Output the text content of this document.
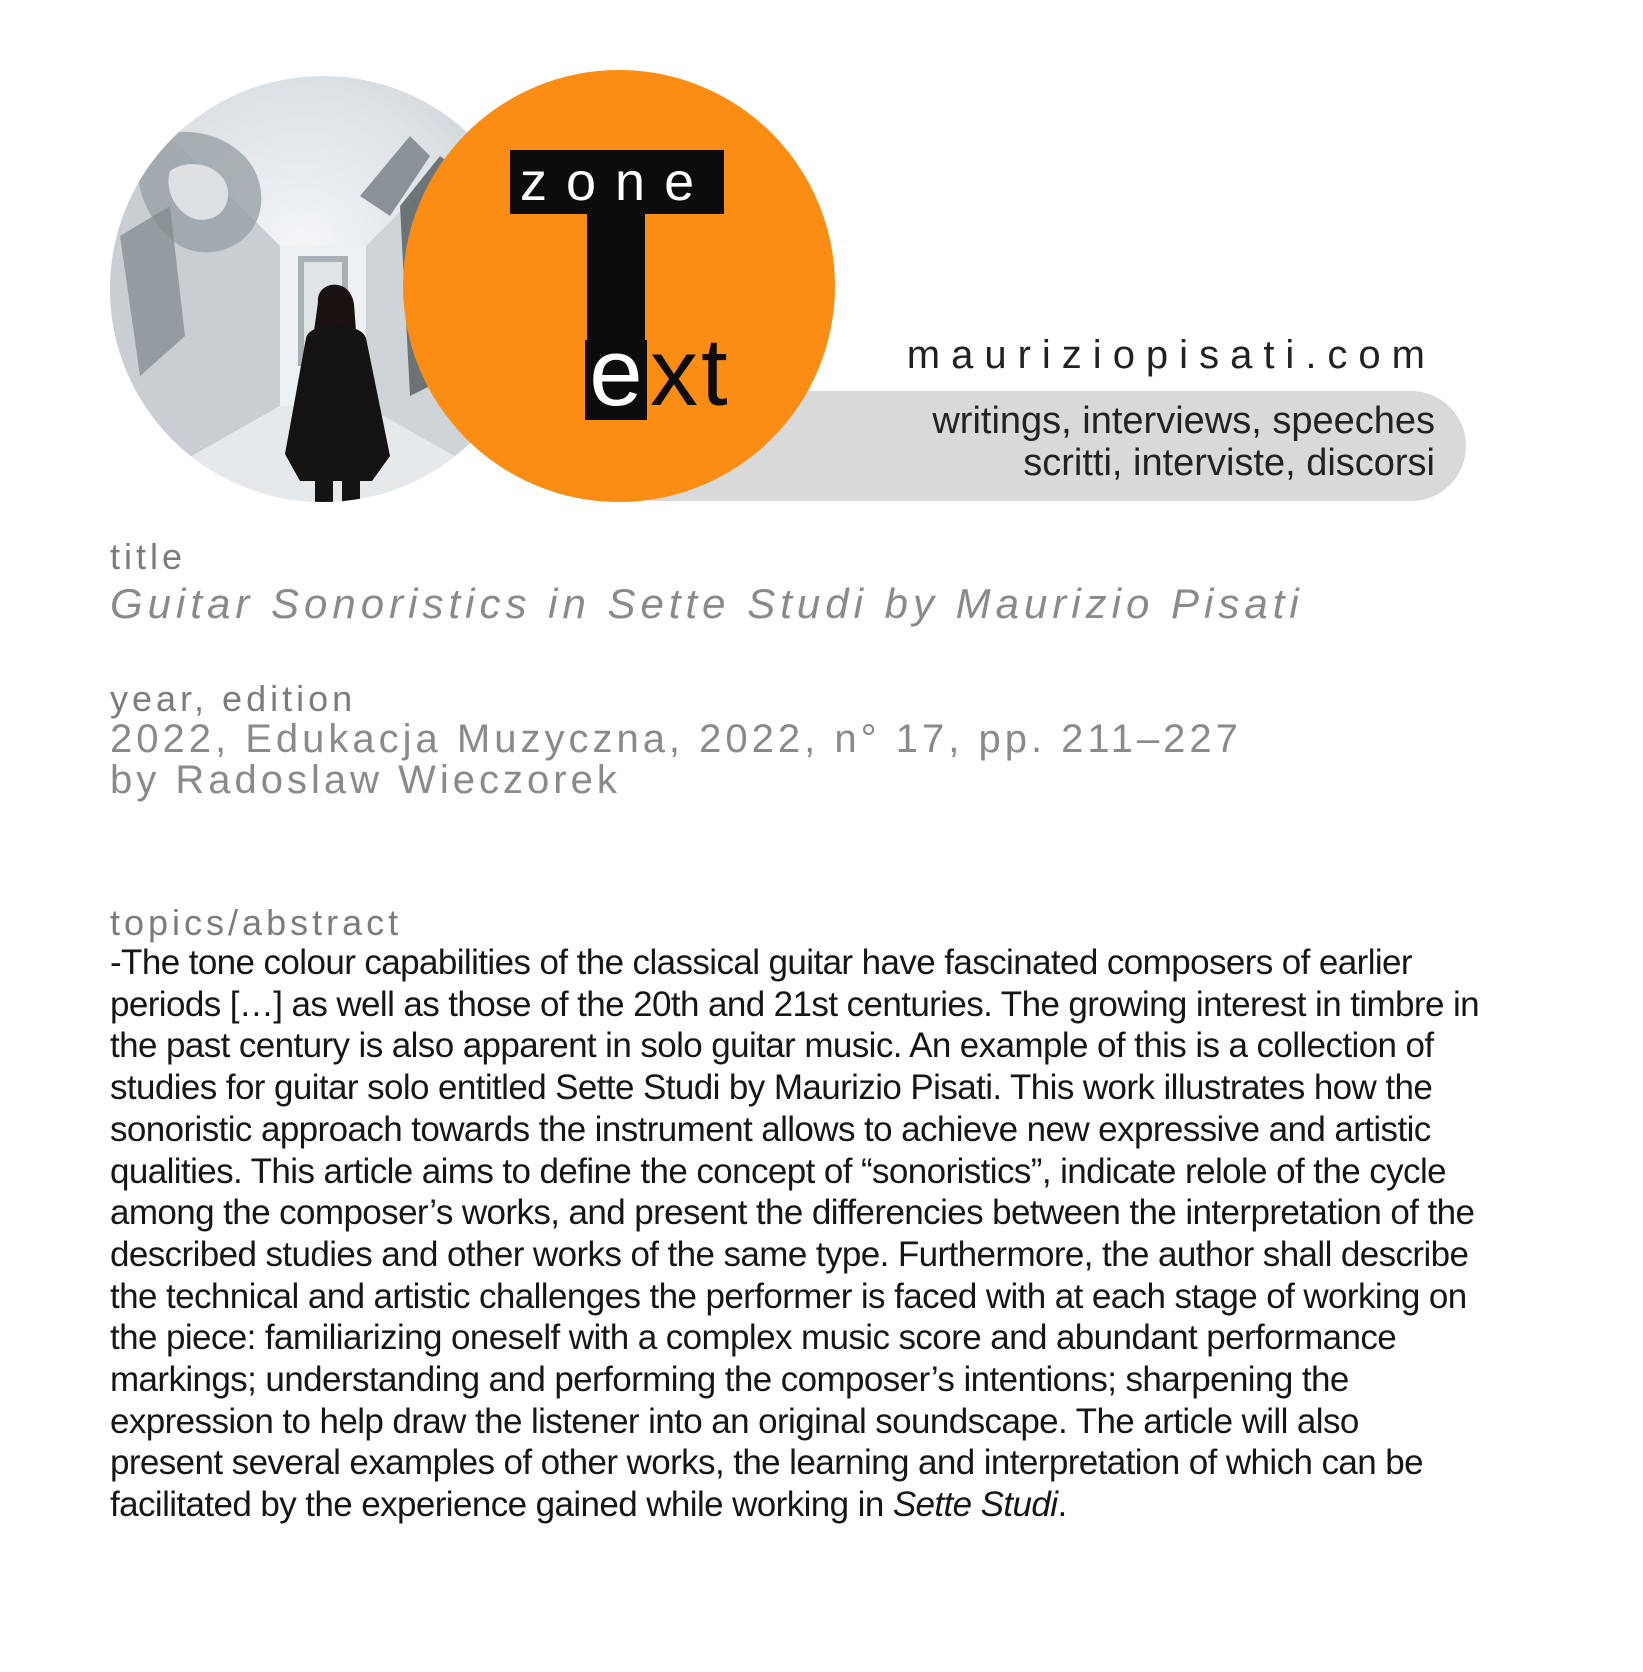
zone
e xt	mauriziopisati.com
writings, interviews, speeches
scritti, interviste, discorsi
title
Guitar Sonoristics in Sette Studi by Maurizio Pisati
year, edition
2022, Edukacja Muzyczna, 2022, n° 17, pp. 211–227
by Radoslaw Wieczorek
topics/abstract
-The tone colour capabilities of the classical guitar have fascinated composers of earlier periods […] as well as those of the 20th and 21st centuries. The growing interest in timbre in the past century is also apparent in solo guitar music. An example of this is a collection of studies for guitar solo entitled Sette Studi by Maurizio Pisati. This work illustrates how the sonoristic approach towards the instrument allows to achieve new expressive and artistic qualities. This article aims to define the concept of “sonoristics”, indicate relole of the cycle among the composer’s works, and present the differencies between the interpretation of the described studies and other works of the same type. Furthermore, the author shall describe the technical and artistic challenges the performer is faced with at each stage of working on the piece: familiarizing oneself with a complex music score and abundant performance markings; understanding and performing the composer’s intentions; sharpening the expression to help draw the listener into an original soundscape. The article will also present several examples of other works, the learning and interpretation of which can be facilitated by the experience gained while working in Sette Studi.
